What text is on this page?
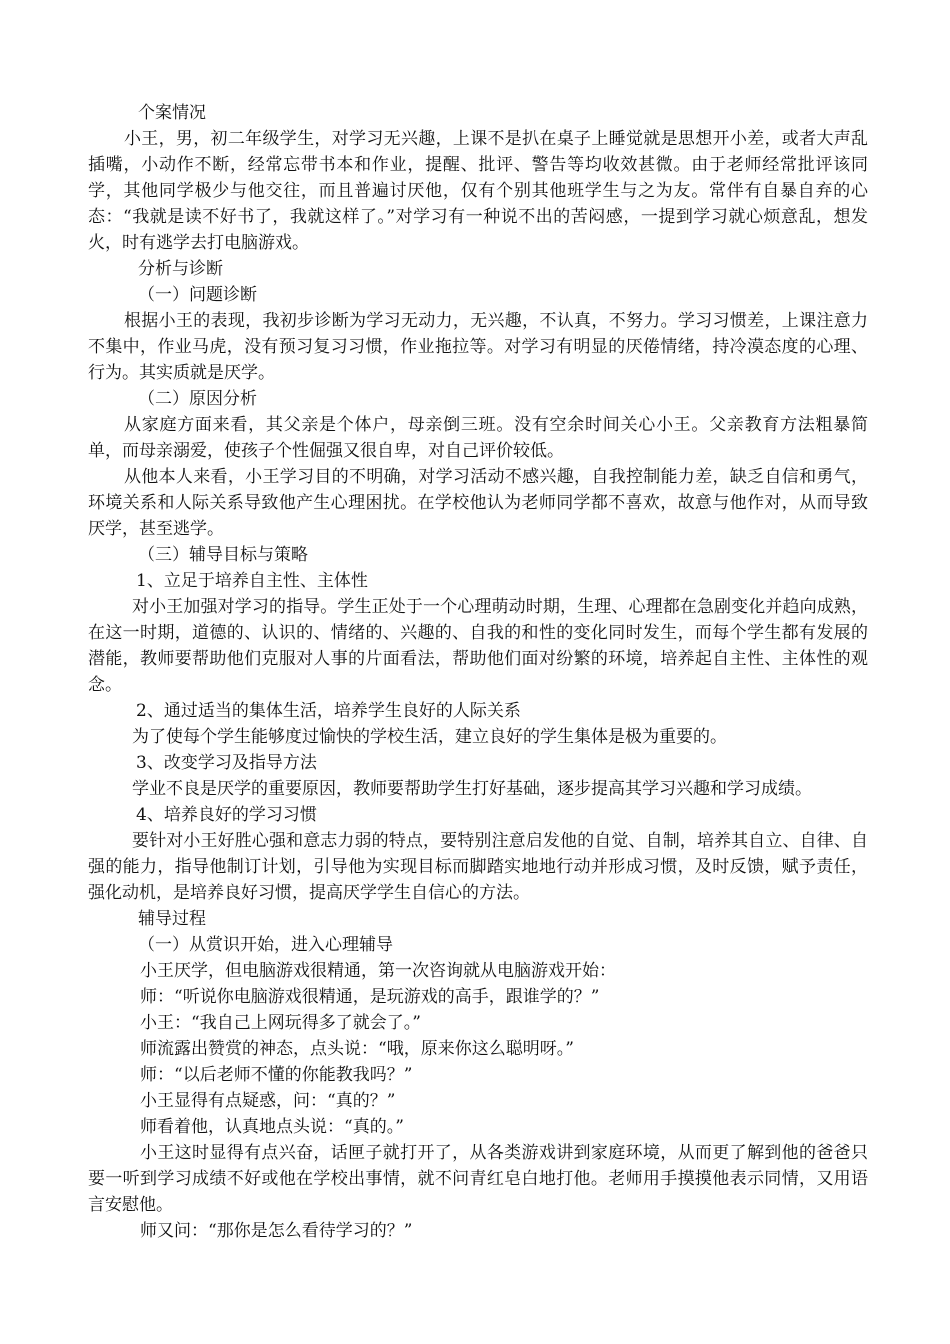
个案情况

小王，男，初二年级学生，对学习无兴趣，上课不是扒在桌子上睡觉就是思想开小差，或者大声乱插嘴，小动作不断，经常忘带书本和作业，提醒、批评、警告等均收效甚微。由于老师经常批评该同学，其他同学极少与他交往，而且普遍讨厌他，仅有个别其他班学生与之为友。常伴有自暴自弃的心态：“我就是读不好书了，我就这样了。”对学习有一种说不出的苦闷感，一提到学习就心烦意乱，想发火，时有逃学去打电脑游戏。

分析与诊断

（一）问题诊断

根据小王的表现，我初步诊断为学习无动力，无兴趣，不认真，不努力。学习习惯差，上课注意力不集中，作业马虎，没有预习复习习惯，作业拖拉等。对学习有明显的厌倦情绪，持冷漠态度的心理、行为。其实质就是厌学。

（二）原因分析

从家庭方面来看，其父亲是个体户，母亲倒三班。没有空余时间关心小王。父亲教育方法粗暴简单，而母亲溺爱，使孩子个性倔强又很自卑，对自己评价较低。

从他本人来看，小王学习目的不明确，对学习活动不感兴趣，自我控制能力差，缺乏自信和勇气，环境关系和人际关系导致他产生心理困扰。在学校他认为老师同学都不喜欢，故意与他作对，从而导致厌学，甚至逃学。

（三）辅导目标与策略

1、立足于培养自主性、主体性

对小王加强对学习的指导。学生正处于一个心理萌动时期，生理、心理都在急剧变化并趋向成熟，在这一时期，道德的、认识的、情绪的、兴趣的、自我的和性的变化同时发生，而每个学生都有发展的潜能，教师要帮助他们克服对人事的片面看法，帮助他们面对纷繁的环境，培养起自主性、主体性的观念。

2、通过适当的集体生活，培养学生良好的人际关系

为了使每个学生能够度过愉快的学校生活，建立良好的学生集体是极为重要的。

3、改变学习及指导方法

学业不良是厌学的重要原因，教师要帮助学生打好基础，逐步提高其学习兴趣和学习成绩。

4、培养良好的学习习惯

要针对小王好胜心强和意志力弱的特点，要特别注意启发他的自觉、自制，培养其自立、自律、自强的能力，指导他制订计划，引导他为实现目标而脚踏实地地行动并形成习惯，及时反馈，赋予责任，强化动机，是培养良好习惯，提高厌学学生自信心的方法。

辅导过程

（一）从赏识开始，进入心理辅导

小王厌学，但电脑游戏很精通，第一次咨询就从电脑游戏开始：

师：“听说你电脑游戏很精通，是玩游戏的高手，跟谁学的？”

小王：“我自己上网玩得多了就会了。”

师流露出赞赏的神态，点头说：“哦，原来你这么聪明呀。”

师：“以后老师不懂的你能教我吗？”

小王显得有点疑惑，问：“真的？”

师看着他，认真地点头说：“真的。”

小王这时显得有点兴奋，话匣子就打开了，从各类游戏讲到家庭环境，从而更了解到他的爸爸只要一听到学习成绩不好或他在学校出事情，就不问青红皂白地打他。老师用手摸摸他表示同情，又用语言安慰他。

师又问：“那你是怎么看待学习的？”
